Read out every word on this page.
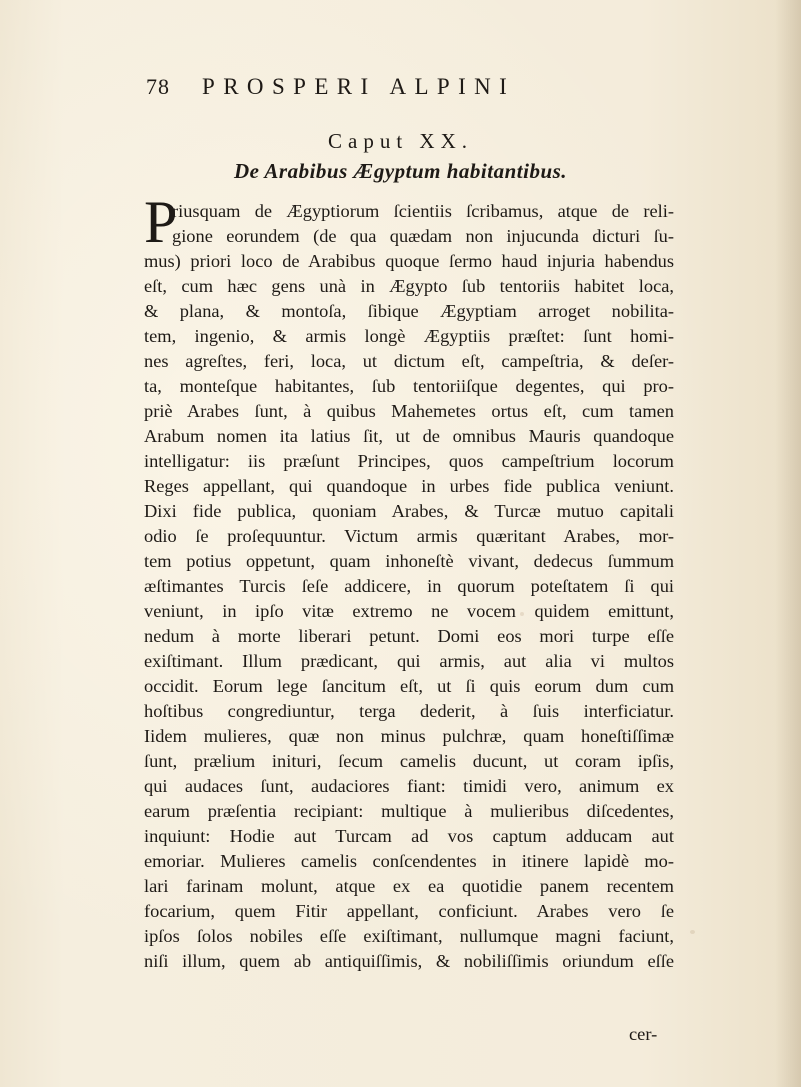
78 PROSPERI ALPINI
Caput XX.
De Arabibus Ægyptum habitantibus.
P
riusquam de Ægyptiorum ſcientiis ſcribamus, atque de reli-
gione eorundem (de qua quædam non injucunda dicturi ſu-
mus) priori loco de Arabibus quoque ſermo haud injuria habendus
eſt, cum hæc gens unà in Ægypto ſub tentoriis habitet loca,
& plana, & montoſa, ſibique Ægyptiam arroget nobilita-
tem, ingenio, & armis longè Ægyptiis præſtet: ſunt homi-
nes agreſtes, feri, loca, ut dictum eſt, campeſtria, & deſer-
ta, monteſque habitantes, ſub tentoriiſque degentes, qui pro-
priè Arabes ſunt, à quibus Mahemetes ortus eſt, cum tamen
Arabum nomen ita latius ſit, ut de omnibus Mauris quandoque
intelligatur: iis præſunt Principes, quos campeſtrium locorum
Reges appellant, qui quandoque in urbes fide publica veniunt.
Dixi fide publica, quoniam Arabes, & Turcæ mutuo capitali
odio ſe proſequuntur. Victum armis quæritant Arabes, mor-
tem potius oppetunt, quam inhoneſtè vivant, dedecus ſummum
æſtimantes Turcis ſeſe addicere, in quorum poteſtatem ſi qui
veniunt, in ipſo vitæ extremo ne vocem quidem emittunt,
nedum à morte liberari petunt. Domi eos mori turpe eſſe
exiſtimant. Illum prædicant, qui armis, aut alia vi multos
occidit. Eorum lege ſancitum eſt, ut ſi quis eorum dum cum
hoſtibus congrediuntur, terga dederit, à ſuis interficiatur.
Iidem mulieres, quæ non minus pulchræ, quam honeſtiſſimæ
ſunt, prælium inituri, ſecum camelis ducunt, ut coram ipſis,
qui audaces ſunt, audaciores fiant: timidi vero, animum ex
earum præſentia recipiant: multique à mulieribus diſcedentes,
inquiunt: Hodie aut Turcam ad vos captum adducam aut
emoriar. Mulieres camelis conſcendentes in itinere lapidè mo-
lari farinam molunt, atque ex ea quotidie panem recentem
focarium, quem Fitir appellant, conficiunt. Arabes vero ſe
ipſos ſolos nobiles eſſe exiſtimant, nullumque magni faciunt,
niſi illum, quem ab antiquiſſimis, & nobiliſſimis oriundum eſſe
cer-
